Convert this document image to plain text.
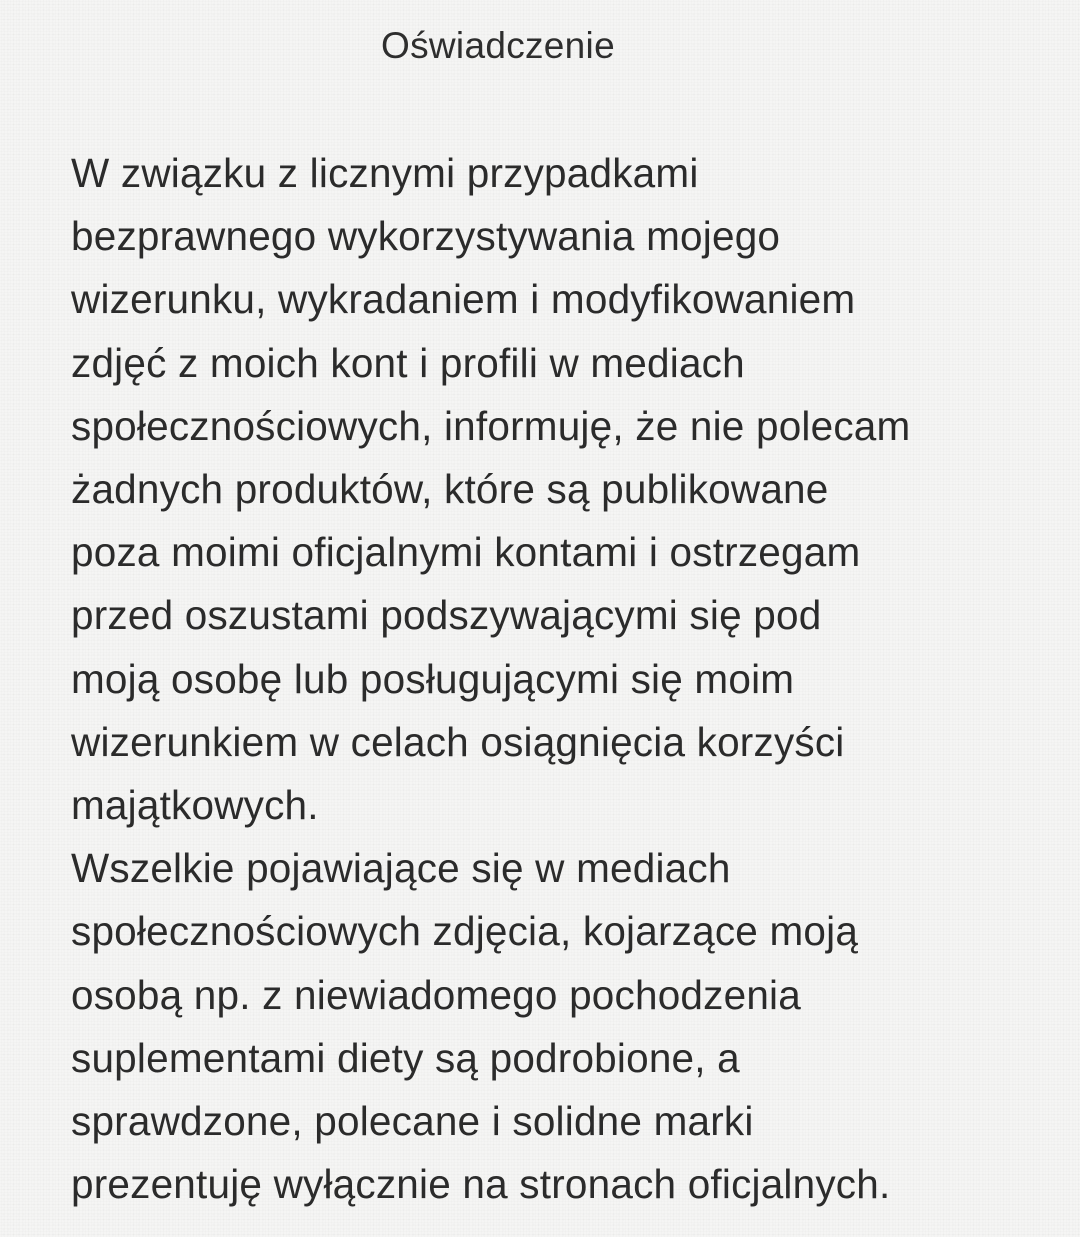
Oświadczenie
W związku z licznymi przypadkami
bezprawnego wykorzystywania mojego
wizerunku, wykradaniem i modyfikowaniem
zdjęć z moich kont i profili w mediach
społecznościowych, informuję, że nie polecam
żadnych produktów, które są publikowane
poza moimi oficjalnymi kontami i ostrzegam
przed oszustami podszywającymi się pod
moją osobę lub posługującymi się moim
wizerunkiem w celach osiągnięcia korzyści
majątkowych.
Wszelkie pojawiające się w mediach
społecznościowych zdjęcia, kojarzące moją
osobą np. z niewiadomego pochodzenia
suplementami diety są podrobione, a
sprawdzone, polecane i solidne marki
prezentuję wyłącznie na stronach oficjalnych.
